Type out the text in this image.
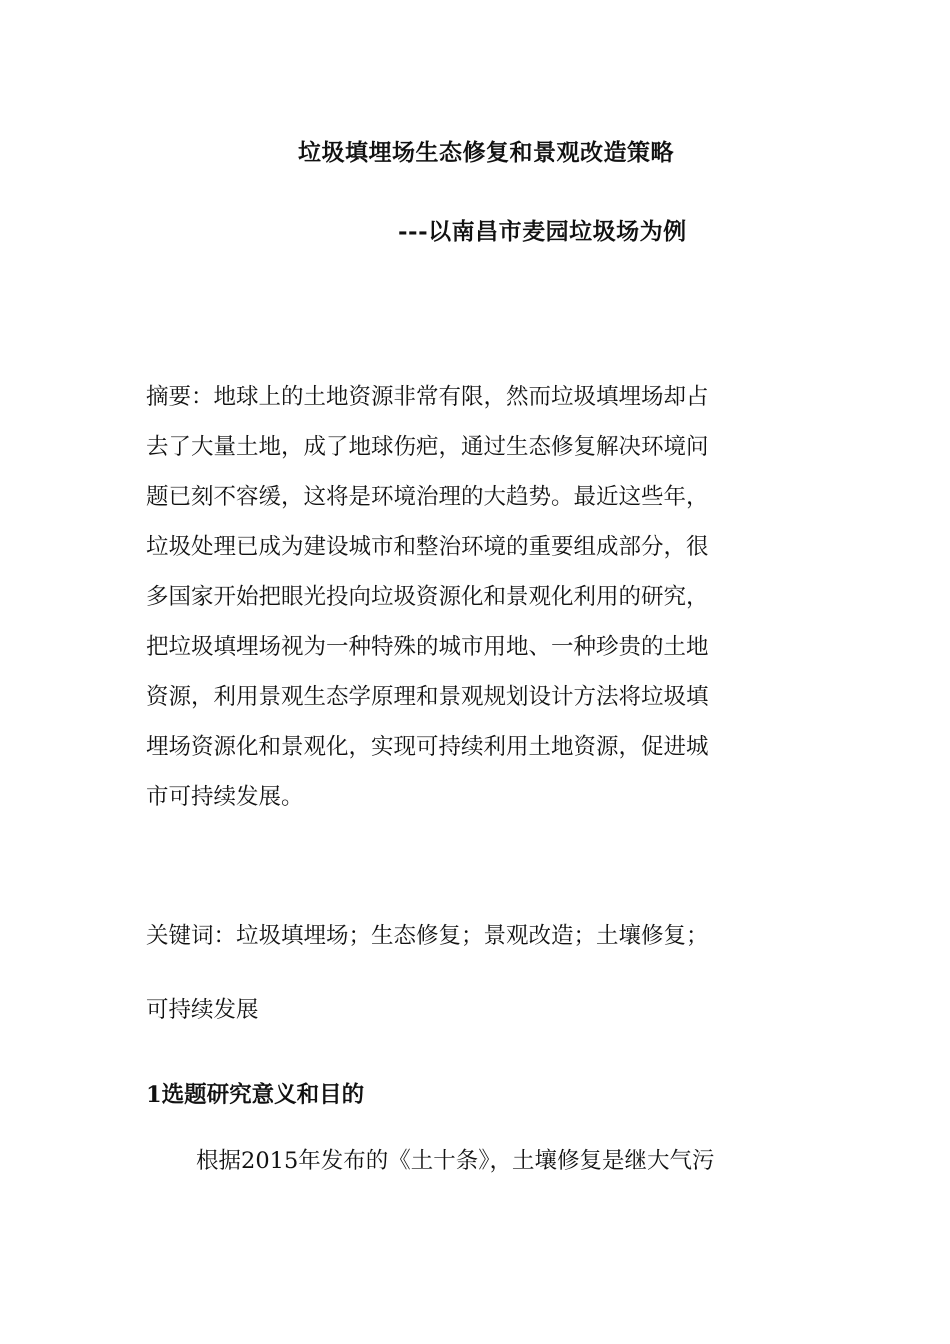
垃圾填埋场生态修复和景观改造策略
---以南昌市麦园垃圾场为例
摘要：地球上的土地资源非常有限，然而垃圾填埋场却占
去了大量土地，成了地球伤疤，通过生态修复解决环境问
题已刻不容缓，这将是环境治理的大趋势。最近这些年，
垃圾处理已成为建设城市和整治环境的重要组成部分，很
多国家开始把眼光投向垃圾资源化和景观化利用的研究，
把垃圾填埋场视为一种特殊的城市用地、一种珍贵的土地
资源，利用景观生态学原理和景观规划设计方法将垃圾填
埋场资源化和景观化，实现可持续利用土地资源，促进城
市可持续发展。
关键词：垃圾填埋场；生态修复；景观改造；土壤修复；
可持续发展
1选题研究意义和目的
根据2015年发布的《土十条》，土壤修复是继大气污
